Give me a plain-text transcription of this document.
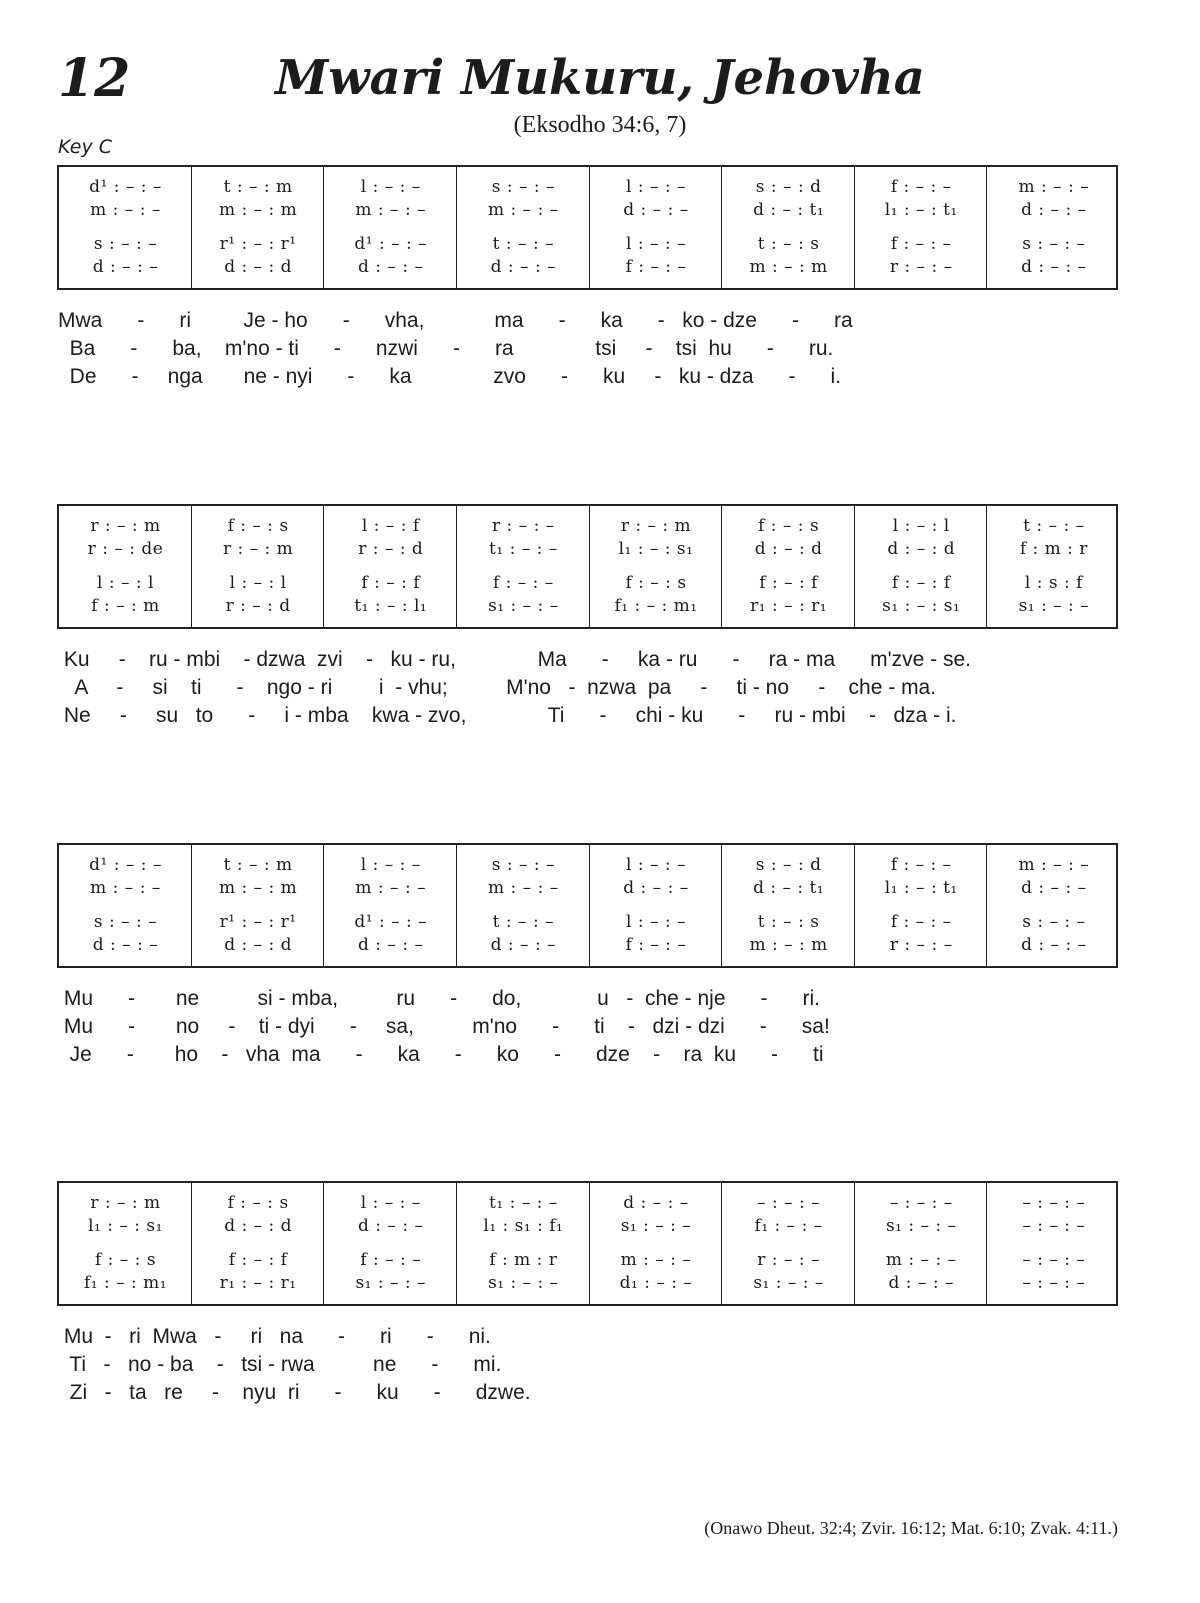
12	Mwari Mukuru, Jehovha
(Eksodho 34:6, 7)
Key C
d¹ : – : –	t : – : m	l : – : –	s : – : –	l : – : –	s : – : d	f : – : –	m : – : –
m : – : –	m : – : m	m : – : –	m : – : –	d : – : –	d : – : t₁	l₁ : – : t₁	d : – : –
s : – : –	r¹ : – : r¹	d¹ : – : –	t : – : –	l : – : –	t : – : s	f : – : –	s : – : –
d : – : –	d : – : d	d : – : –	d : – : –	f : – : –	m : – : m	r : – : –	d : – : –
Mwa      -      ri         Je - ho      -      vha,            ma      -      ka      -   ko - dze      -      ra
Ba      -      ba,    m'no - ti      -      nzwi      -      ra              tsi     -    tsi  hu      -      ru.
De      -     nga       ne - nyi      -      ka              zvo      -      ku     -   ku - dza      -      i.
r : – : m	f : – : s	l : – : f	r : – : –	r : – : m	f : – : s	l : – : l	t : – : –
r : – : de	r : – : m	r : – : d	t₁ : – : –	l₁ : – : s₁	d : – : d	d : – : d	f : m : r
l : – : l	l : – : l	f : – : f	f : – : –	f : – : s	f : – : f	f : – : f	l : s : f
f : – : m	r : – : d	t₁ : – : l₁	s₁ : – : –	f₁ : – : m₁	r₁ : – : r₁	s₁ : – : s₁	s₁ : – : –
Ku     -    ru - mbi    - dzwa  zvi    -   ku - ru,              Ma      -     ka - ru      -     ra - ma      m'zve - se.
A     -     si    ti      -    ngo - ri        i  - vhu;          M'no   -  nzwa  pa     -     ti - no     -    che - ma.
Ne     -     su   to      -     i - mba    kwa - zvo,              Ti      -     chi - ku      -     ru - mbi    -   dza - i.
d¹ : – : –	t : – : m	l : – : –	s : – : –	l : – : –	s : – : d	f : – : –	m : – : –
m : – : –	m : – : m	m : – : –	m : – : –	d : – : –	d : – : t₁	l₁ : – : t₁	d : – : –
s : – : –	r¹ : – : r¹	d¹ : – : –	t : – : –	l : – : –	t : – : s	f : – : –	s : – : –
d : – : –	d : – : d	d : – : –	d : – : –	f : – : –	m : – : m	r : – : –	d : – : –
Mu      -       ne          si - mba,          ru      -      do,             u   -  che - nje      -      ri.
Mu      -       no     -    ti - dyi      -     sa,          m'no      -      ti    -   dzi - dzi      -      sa!
Je      -       ho    -   vha  ma      -      ka      -      ko      -      dze    -    ra  ku      -      ti
r : – : m	f : – : s	l : – : –	t₁ : – : –	d : – : –	– : – : –	– : – : –	– : – : –
l₁ : – : s₁	d : – : d	d : – : –	l₁ : s₁ : f₁	s₁ : – : –	f₁ : – : –	s₁ : – : –	– : – : –
f : – : s	f : – : f	f : – : –	f : m : r	m : – : –	r : – : –	m : – : –	– : – : –
f₁ : – : m₁	r₁ : – : r₁	s₁ : – : –	s₁ : – : –	d₁ : – : –	s₁ : – : –	d : – : –	– : – : –
Mu  -   ri  Mwa   -     ri   na      -      ri      -      ni.
Ti   -   no - ba    -   tsi - rwa          ne      -      mi.
Zi   -   ta   re     -    nyu  ri      -      ku      -      dzwe.
(Onawo Dheut. 32:4; Zvir. 16:12; Mat. 6:10; Zvak. 4:11.)
